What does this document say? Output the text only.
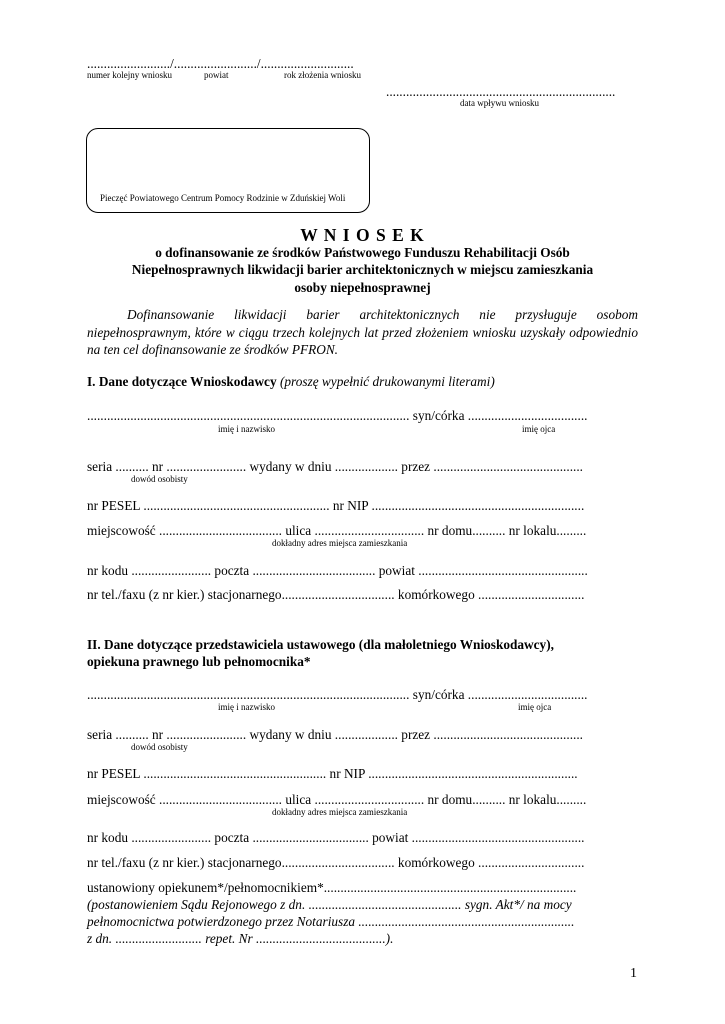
........................./........................./............................
numer kolejny wniosku	powiat	rok złożenia wniosku
.....................................................................
data wpływu wniosku
Pieczęć Powiatowego Centrum Pomocy Rodzinie w Zduńskiej Woli
W N I O S E K
o dofinansowanie ze środków Państwowego Funduszu Rehabilitacji Osób
Niepełnosprawnych likwidacji barier architektonicznych w miejscu zamieszkania
osoby niepełnosprawnej
Dofinansowanie likwidacji barier architektonicznych nie przysługuje osobom
niepełnosprawnym, które w ciągu trzech kolejnych lat przed złożeniem wniosku uzyskały odpowiednio
na ten cel dofinansowanie ze środków PFRON.
I. Dane dotyczące Wnioskodawcy (proszę wypełnić drukowanymi literami)
................................................................................................. syn/córka ....................................
imię i nazwisko	imię ojca
seria .......... nr ........................ wydany w dniu ................... przez .............................................
dowód osobisty
nr PESEL ........................................................ nr NIP ................................................................
miejscowość ..................................... ulica ................................. nr domu.......... nr lokalu.........
dokładny adres miejsca zamieszkania
nr kodu ........................ poczta ..................................... powiat ...................................................
nr tel./faxu (z nr kier.) stacjonarnego.................................. komórkowego ................................
II. Dane dotyczące przedstawiciela ustawowego (dla małoletniego Wnioskodawcy),
opiekuna prawnego lub pełnomocnika*
................................................................................................. syn/córka ....................................
imię i nazwisko	imię ojca
seria .......... nr ........................ wydany w dniu ................... przez .............................................
dowód osobisty
nr PESEL ....................................................... nr NIP ...............................................................
miejscowość ..................................... ulica ................................. nr domu.......... nr lokalu.........
dokładny adres miejsca zamieszkania
nr kodu ........................ poczta ................................... powiat ....................................................
nr tel./faxu (z nr kier.) stacjonarnego.................................. komórkowego ................................
ustanowiony opiekunem*/pełnomocnikiem*............................................................................
(postanowieniem Sądu Rejonowego z dn. .............................................. sygn. Akt*/ na mocy
pełnomocnictwa potwierdzonego przez Notariusza .................................................................
z dn. .......................... repet. Nr .......................................).
1
